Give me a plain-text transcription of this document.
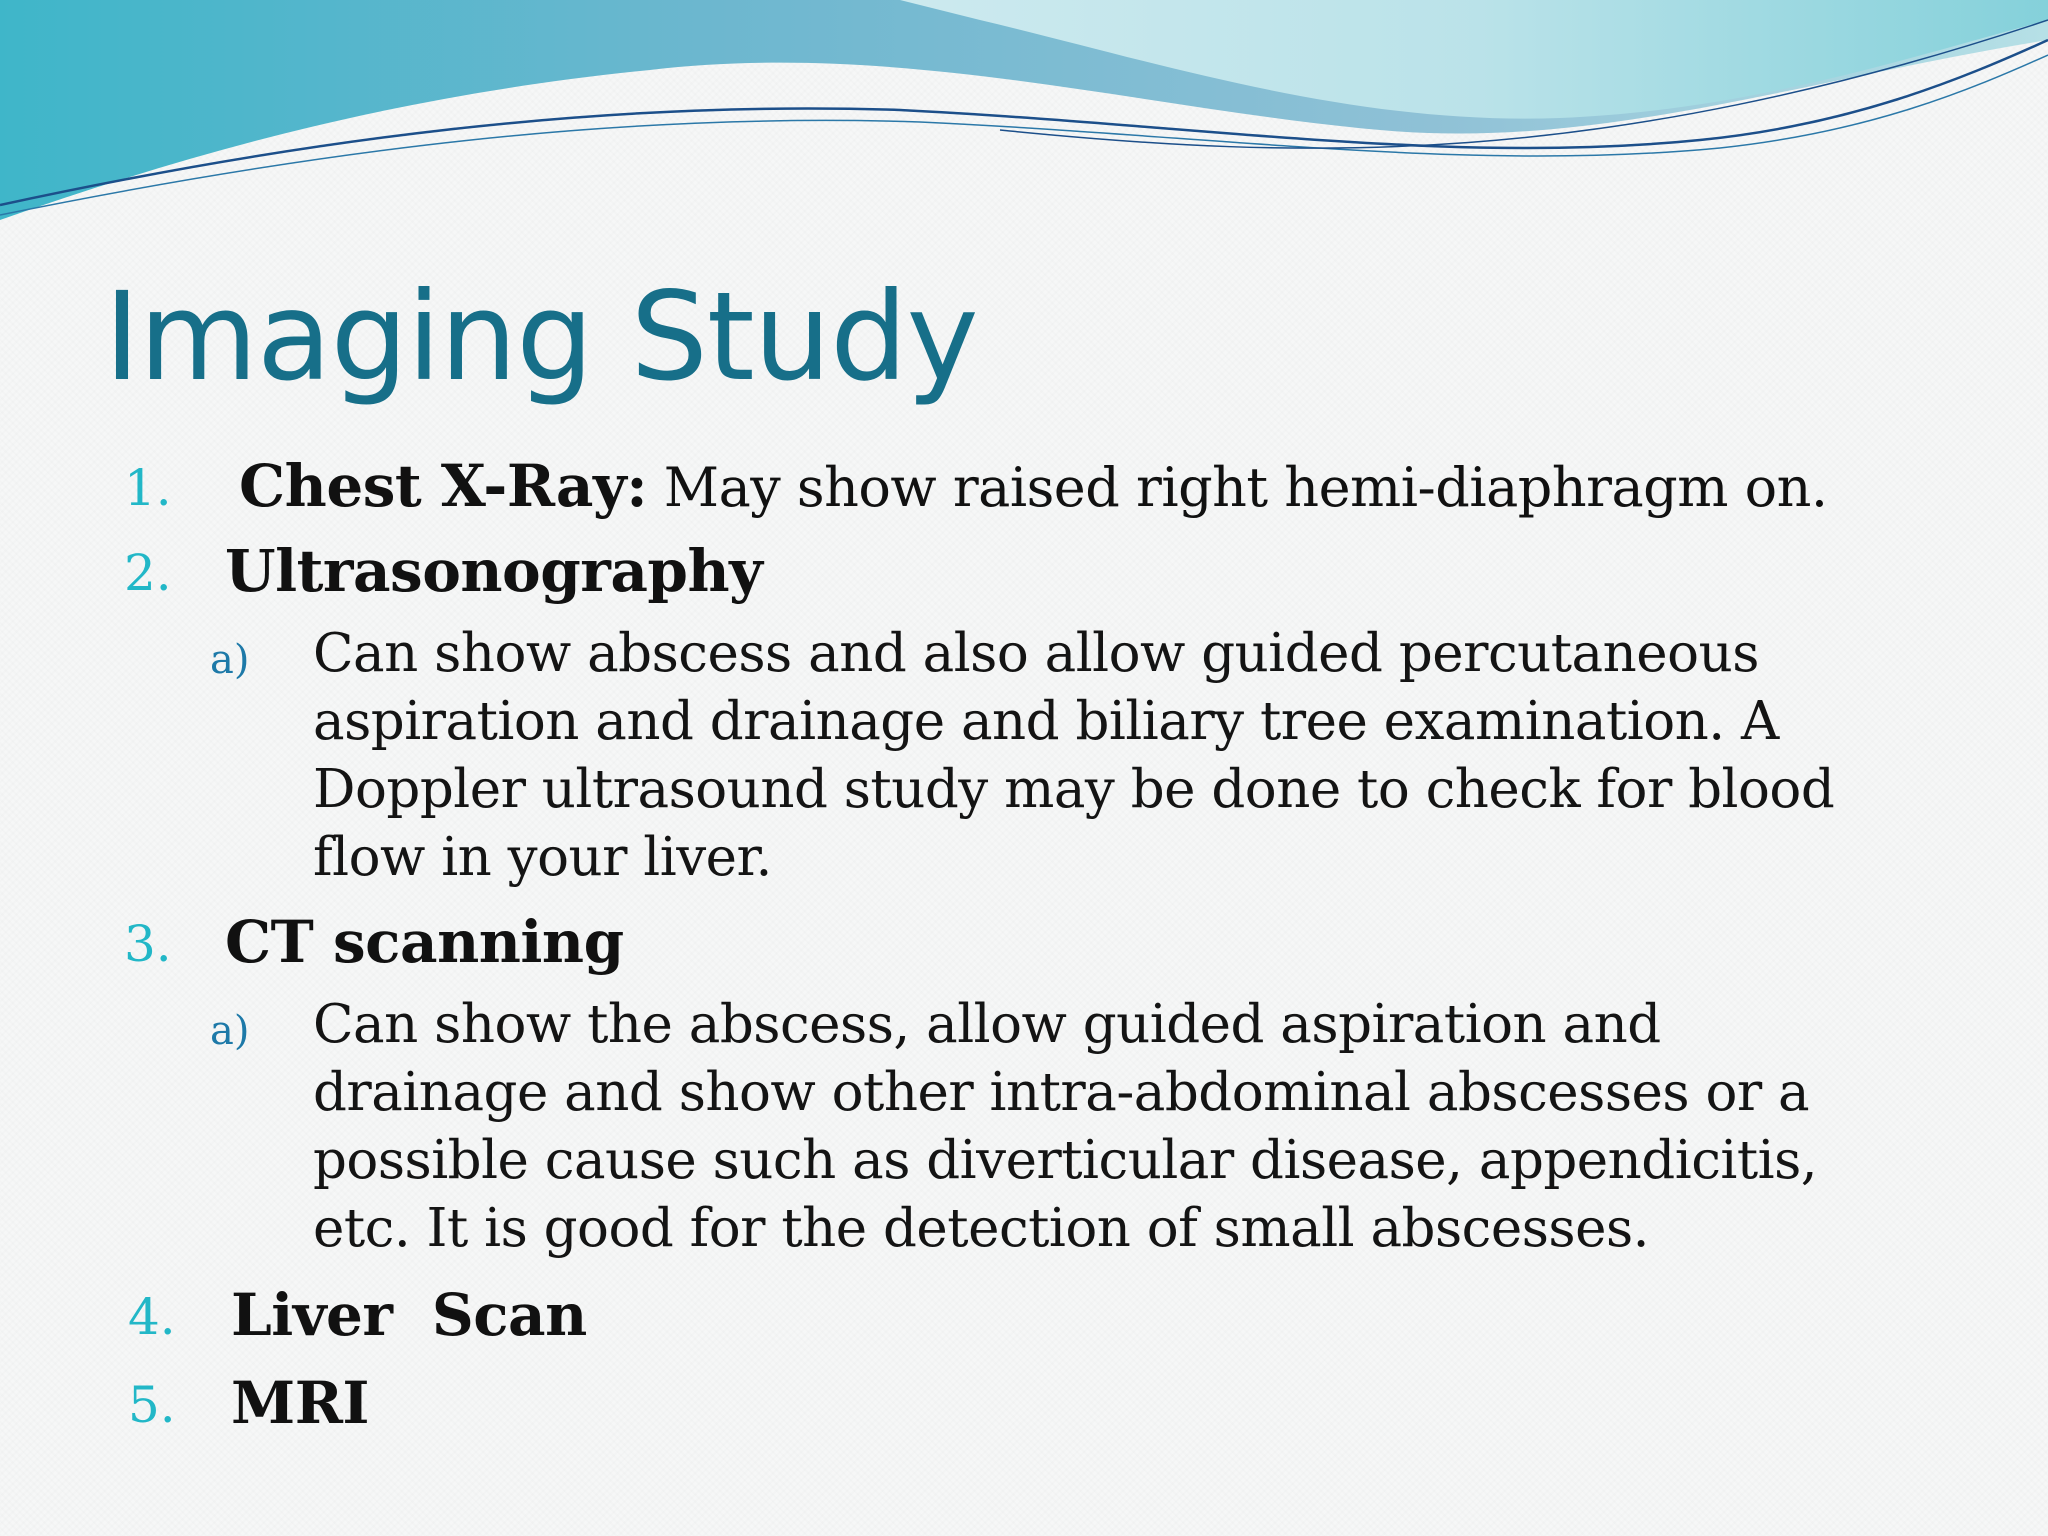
Imaging Study
1. Chest X-Ray: May show raised right hemi-diaphragm on.
2. Ultrasonography
a) Can show abscess and also allow guided percutaneous
aspiration and drainage and biliary tree examination. A
Doppler ultrasound study may be done to check for blood
flow in your liver.
3. CT scanning
a) Can show the abscess, allow guided aspiration and
drainage and show other intra-abdominal abscesses or a
possible cause such as diverticular disease, appendicitis,
etc. It is good for the detection of small abscesses.
4. Liver  Scan
5. MRI
